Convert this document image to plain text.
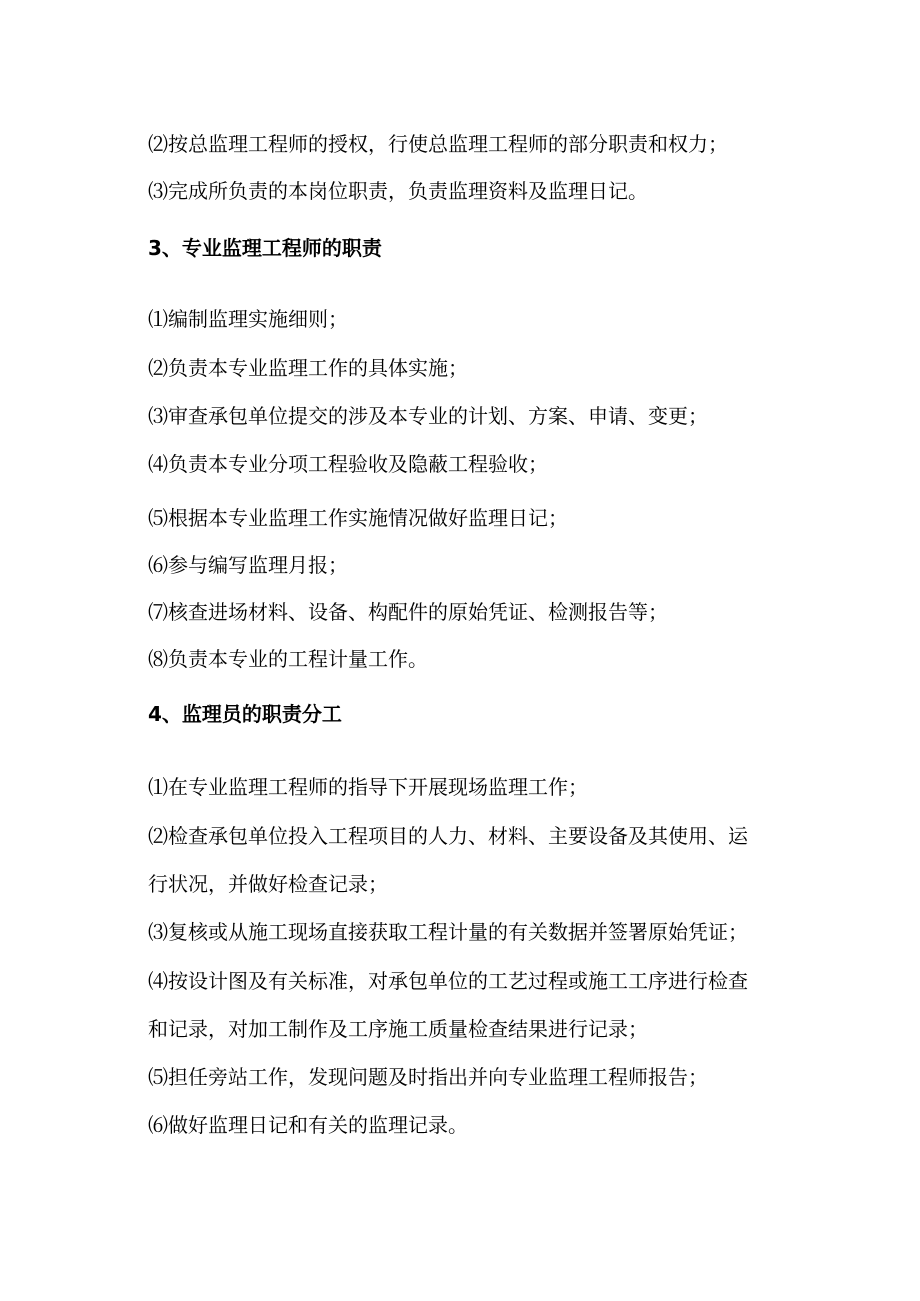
⑵按总监理工程师的授权，行使总监理工程师的部分职责和权力；

⑶完成所负责的本岗位职责，负责监理资料及监理日记。

3、专业监理工程师的职责

⑴编制监理实施细则；

⑵负责本专业监理工作的具体实施；

⑶审查承包单位提交的涉及本专业的计划、方案、申请、变更；

⑷负责本专业分项工程验收及隐蔽工程验收；

⑸根据本专业监理工作实施情况做好监理日记；

⑹参与编写监理月报；

⑺核查进场材料、设备、构配件的原始凭证、检测报告等；

⑻负责本专业的工程计量工作。

4、监理员的职责分工

⑴在专业监理工程师的指导下开展现场监理工作；

⑵检查承包单位投入工程项目的人力、材料、主要设备及其使用、运

行状况，并做好检查记录；

⑶复核或从施工现场直接获取工程计量的有关数据并签署原始凭证；

⑷按设计图及有关标准，对承包单位的工艺过程或施工工序进行检查

和记录，对加工制作及工序施工质量检查结果进行记录；

⑸担任旁站工作，发现问题及时指出并向专业监理工程师报告；

⑹做好监理日记和有关的监理记录。
